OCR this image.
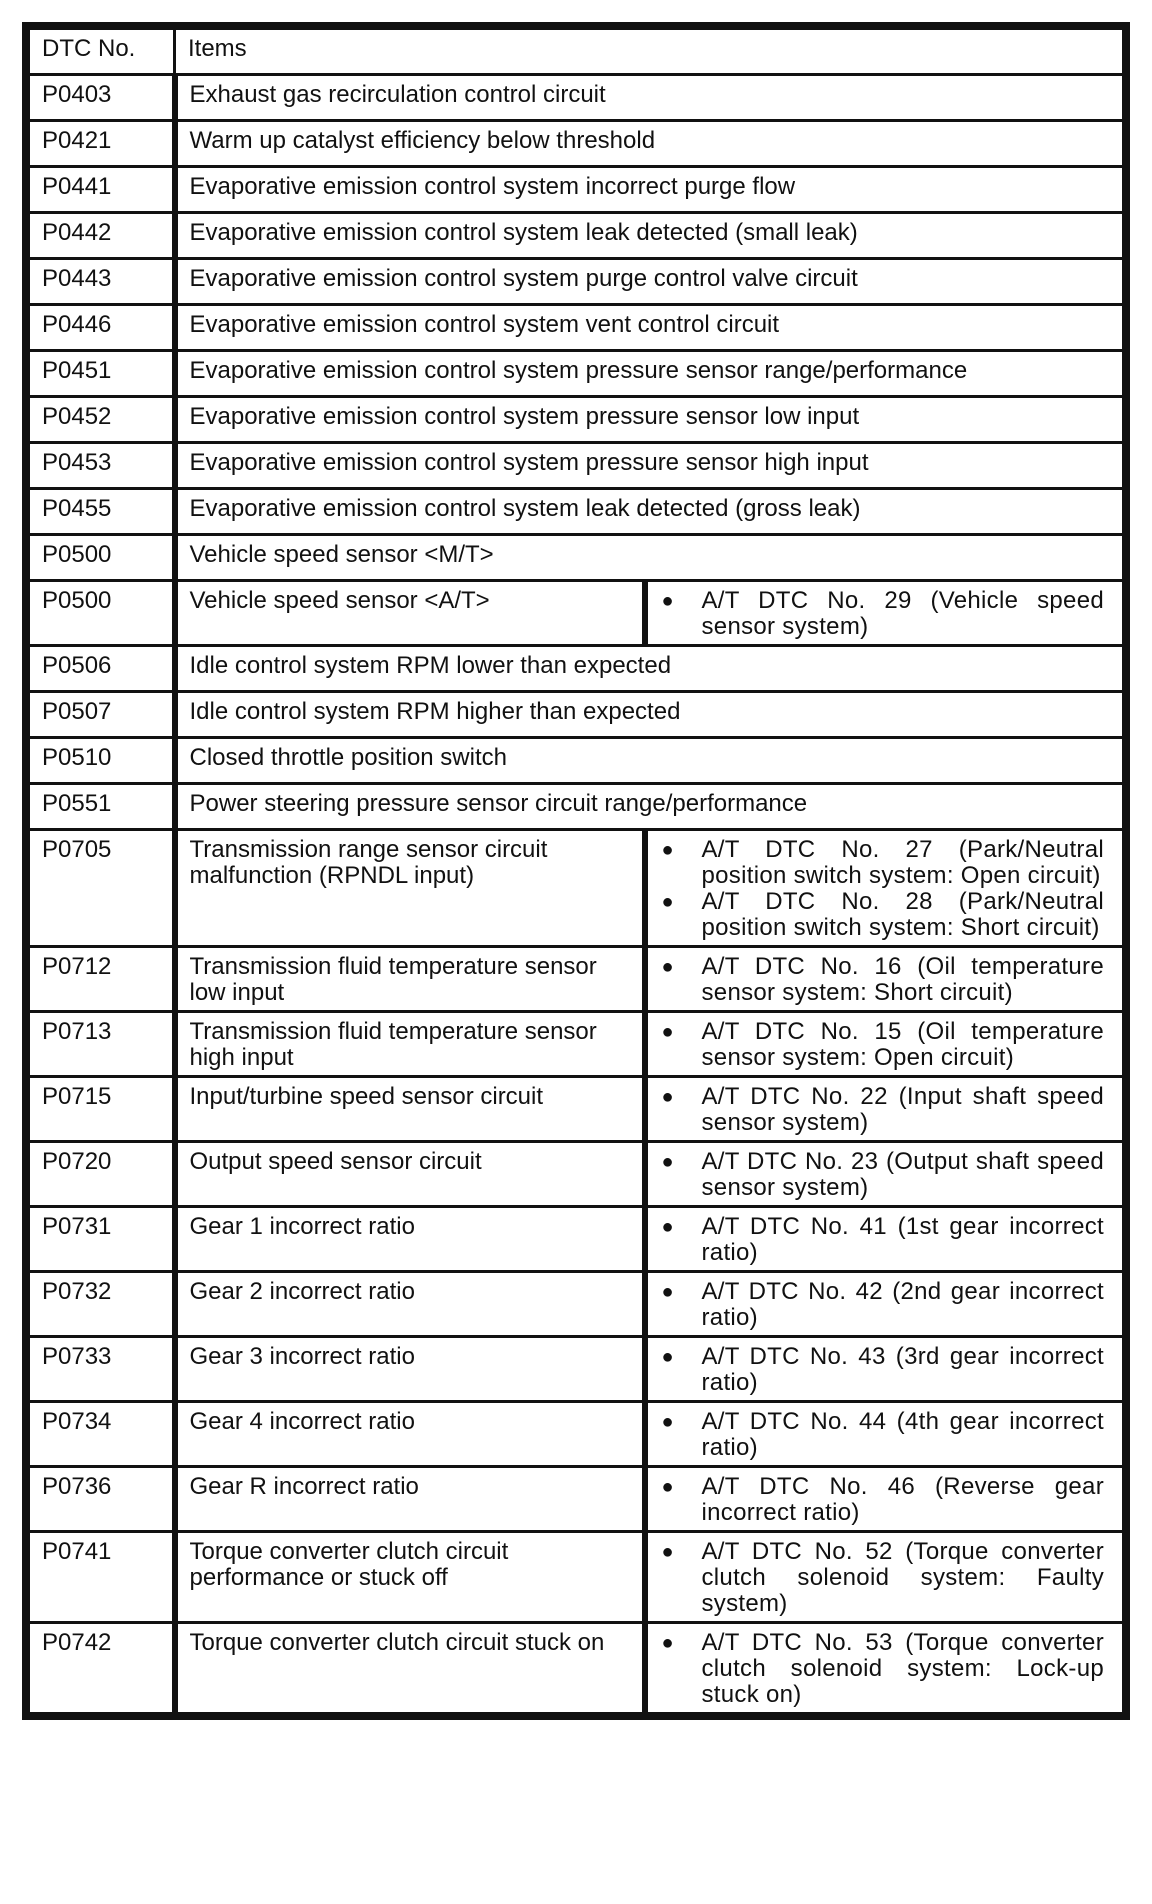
DTC No.	Items	
P0403	Exhaust gas recirculation control circuit	
P0421	Warm up catalyst efficiency below threshold	
P0441	Evaporative emission control system incorrect purge flow	
P0442	Evaporative emission control system leak detected (small leak)	
P0443	Evaporative emission control system purge control valve circuit	
P0446	Evaporative emission control system vent control circuit	
P0451	Evaporative emission control system pressure sensor range/performance	
P0452	Evaporative emission control system pressure sensor low input	
P0453	Evaporative emission control system pressure sensor high input	
P0455	Evaporative emission control system leak detected (gross leak)	
P0500	Vehicle speed sensor <M/T>	
P0500	Vehicle speed sensor <A/T>	● A/T DTC No. 29 (Vehicle speed sensor system)

P0506	Idle control system RPM lower than expected	
P0507	Idle control system RPM higher than expected	
P0510	Closed throttle position switch	
P0551	Power steering pressure sensor circuit range/performance	
P0705	Transmission range sensor circuit malfunction (RPNDL input)	● A/T DTC No. 27 (Park/Neutral position switch system: Open circuit)
● A/T DTC No. 28 (Park/Neutral position switch system: Short circuit)

P0712	Transmission fluid temperature sensor low input	● A/T DTC No. 16 (Oil temperature sensor system: Short circuit)

P0713	Transmission fluid temperature sensor high input	● A/T DTC No. 15 (Oil temperature sensor system: Open circuit)

P0715	Input/turbine speed sensor circuit	● A/T DTC No. 22 (Input shaft speed sensor system)

P0720	Output speed sensor circuit	● A/T DTC No. 23 (Output shaft speed sensor system)

P0731	Gear 1 incorrect ratio	● A/T DTC No. 41 (1st gear incorrect ratio)

P0732	Gear 2 incorrect ratio	● A/T DTC No. 42 (2nd gear incorrect ratio)

P0733	Gear 3 incorrect ratio	● A/T DTC No. 43 (3rd gear incorrect ratio)

P0734	Gear 4 incorrect ratio	● A/T DTC No. 44 (4th gear incorrect ratio)

P0736	Gear R incorrect ratio	● A/T DTC No. 46 (Reverse gear incorrect ratio)

P0741	Torque converter clutch circuit performance or stuck off	● A/T DTC No. 52 (Torque converter clutch solenoid system: Faulty system)

P0742	Torque converter clutch circuit stuck on	● A/T DTC No. 53 (Torque converter clutch solenoid system: Lock-up stuck on)
